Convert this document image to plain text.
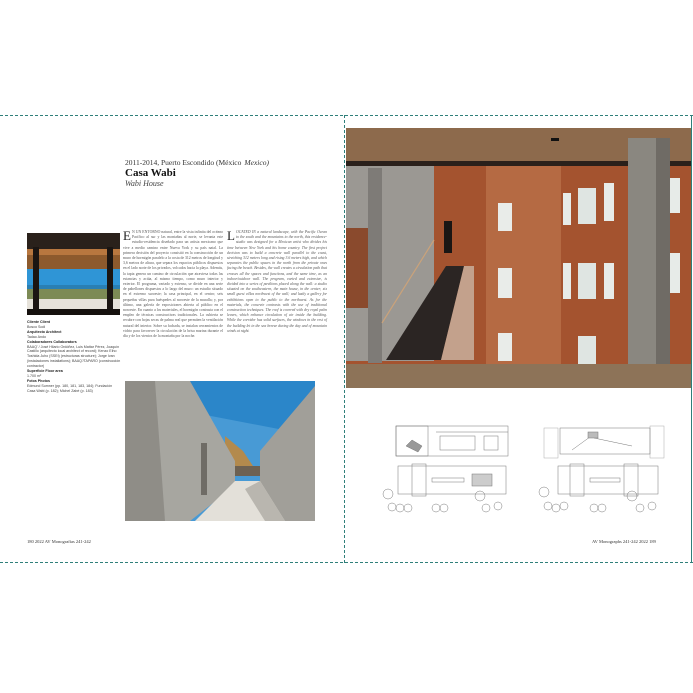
2011-2014, Puerto Escondido (México Mexico)
Casa Wabi
Wabi House
E N UN ENTORNO natural, entre la vista infinita del océano Pacífico al sur y las montañas al norte, se levanta este estudio-residencia diseñado para un artista mexicano que vive a medio camino entre Nueva York y su país natal. La primera decisión del proyecto consistió en la construcción de un muro de hormigón paralelo a la costa de 312 metros de longitud y 3,6 metros de altura, que separa los espacios públicos dispuestos en el lado norte de los privados, volcados hacia la playa. Además, la tapia genera un camino de circulación que atraviesa todas las estancias y actúa, al mismo tiempo, como muro interior y exterior. El programa, variado y extenso, se divide en una serie de pabellones dispuestos a lo largo del muro: un estudio situado en el extremo suroeste; la casa principal, en el centro; seis pequeñas villas para huéspedes al noroeste de la muralla; y, por último, una galería de exposiciones abierta al público en el noroeste. En cuanto a los materiales, el hormigón contrasta con el empleo de técnicas constructivas tradicionales. La cubierta se recubre con hojas secas de palma real que permiten la ventilación natural del interior. Sobre su fachada, se instalan cerramientos de vidrio para favorecer la circulación de la brisa marina durante el día y de los vientos de la montaña por la noche.
L OCATED IN a natural landscape, with the Pacific Ocean to the south and the mountains to the north, this residence-studio was designed for a Mexican artist who divides his time between New York and his home country. The first project decision was to build a concrete wall parallel to the coast, stretching 312 meters long and rising 3.6 meters high, and which separates the public spaces in the north from the private ones facing the beach. Besides, the wall creates a circulation path that crosses all the spaces and functions, and the same time, as an indoor/outdoor wall. The program, varied and extensive, is divided into a series of pavilions placed along the wall: a studio situated on the southeastern, the main house, in the center; six small guest villas northwest of the wall; and lastly a gallery for exhibitions open to the public to the northwest. As for the materials, the concrete contrasts with the use of traditional construction techniques. The roof is covered with dry royal palm leaves, which enhance circulation of air inside the building. While the corridor has solid surfaces, the windows in the rest of the building let in the sea breeze during the day and of mountain winds at night.
Cliente Client
Bosco Sodi
Arquitecto Architect
Tadao Ando
Colaboradores Collaborators
BAAQ' / José Hilario Ordóñez, Luis Mattar Pérez, Joaquín Castillo (arquitecto local architect of record); Kenzo Eiho Toshida Juho (SSEt) (estructuras structure); Jorge Ivan (instalaciones installations); BAAQ'/TAPARO (construcción contractor)
Superficie Floor area
1.700 m²
Fotos Photos
Edmund Sumner (pp. 180, 181, 183, 184); Fundación Casa Wabi (p. 182); Michel Zabé (p. 183)
180 2022 AV Monografías 241-242	AV Monographs 241-242 2022 189
